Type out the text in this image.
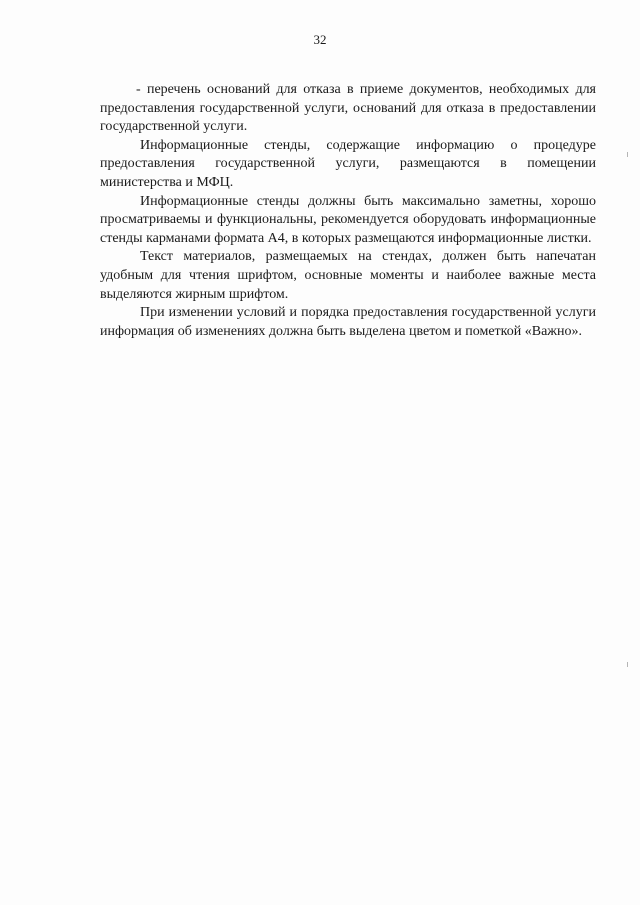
32

- перечень оснований для отказа в приеме документов, необходимых для предоставления государственной услуги, оснований для отказа в предоставлении государственной услуги.

Информационные стенды, содержащие информацию о процедуре предоставления государственной услуги, размещаются в помещении министерства и МФЦ.

Информационные стенды должны быть максимально заметны, хорошо просматриваемы и функциональны, рекомендуется оборудовать информационные стенды карманами формата А4, в которых размещаются информационные листки.

Текст материалов, размещаемых на стендах, должен быть напечатан удобным для чтения шрифтом, основные моменты и наиболее важные места выделяются жирным шрифтом.

При изменении условий и порядка предоставления государственной услуги информация об изменениях должна быть выделена цветом и пометкой «Важно».
